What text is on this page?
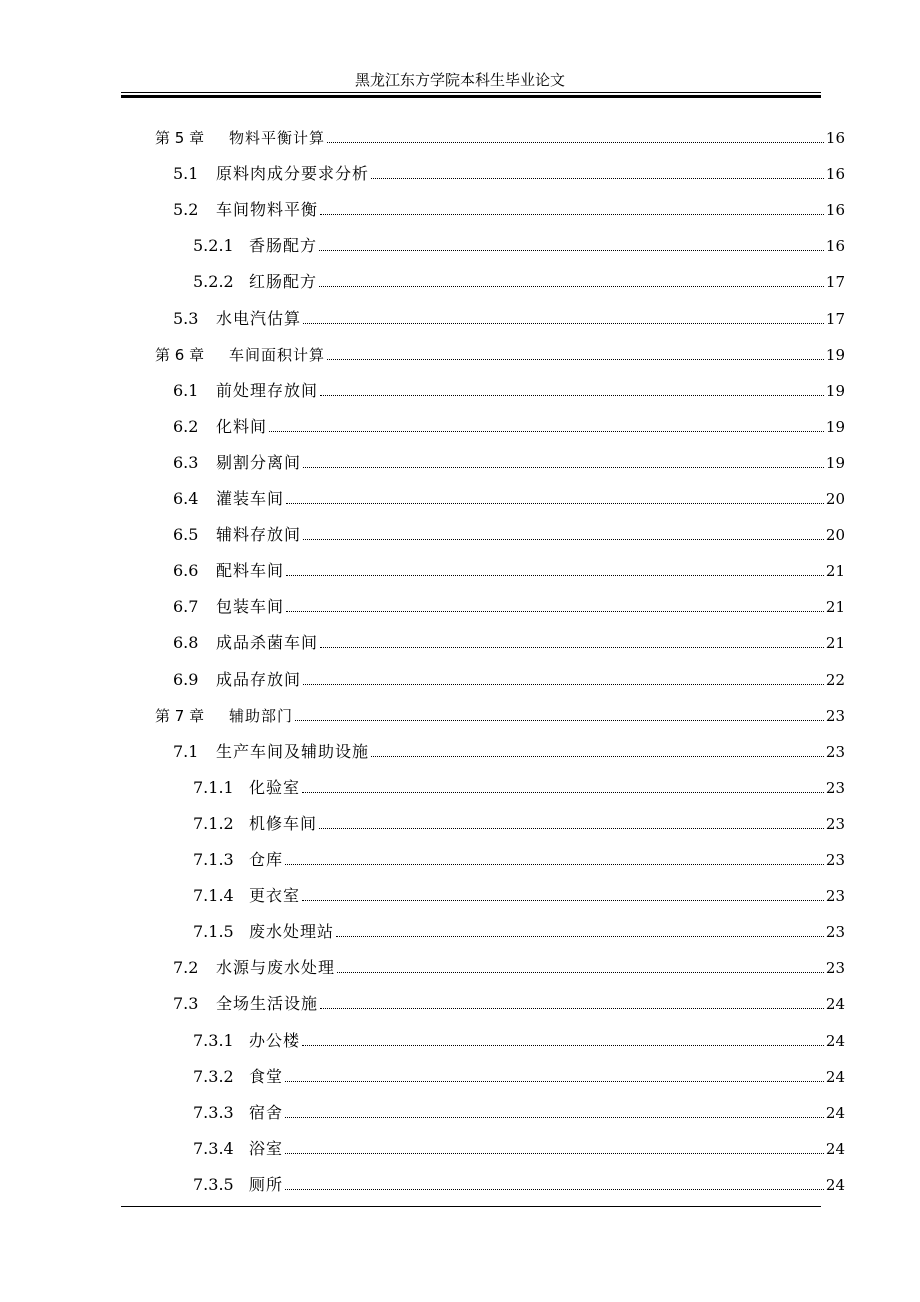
黑龙江东方学院本科生毕业论文
第 5 章	物料平衡计算	16
5.1	原料肉成分要求分析	16
5.2	车间物料平衡	16
5.2.1 香肠配方	16
5.2.2 红肠配方	17
5.3	水电汽估算	17
第 6 章	车间面积计算	19
6.1	前处理存放间	19
6.2	化料间	19
6.3	剔割分离间	19
6.4	灌装车间	20
6.5	辅料存放间	20
6.6	配料车间	21
6.7	包装车间	21
6.8	成品杀菌车间	21
6.9	成品存放间	22
第 7 章	辅助部门	23
7.1	生产车间及辅助设施	23
7.1.1 化验室	23
7.1.2 机修车间	23
7.1.3 仓库	23
7.1.4 更衣室	23
7.1.5 废水处理站	23
7.2	水源与废水处理	23
7.3	全场生活设施	24
7.3.1 办公楼	24
7.3.2 食堂	24
7.3.3 宿舍	24
7.3.4 浴室	24
7.3.5 厕所	24
